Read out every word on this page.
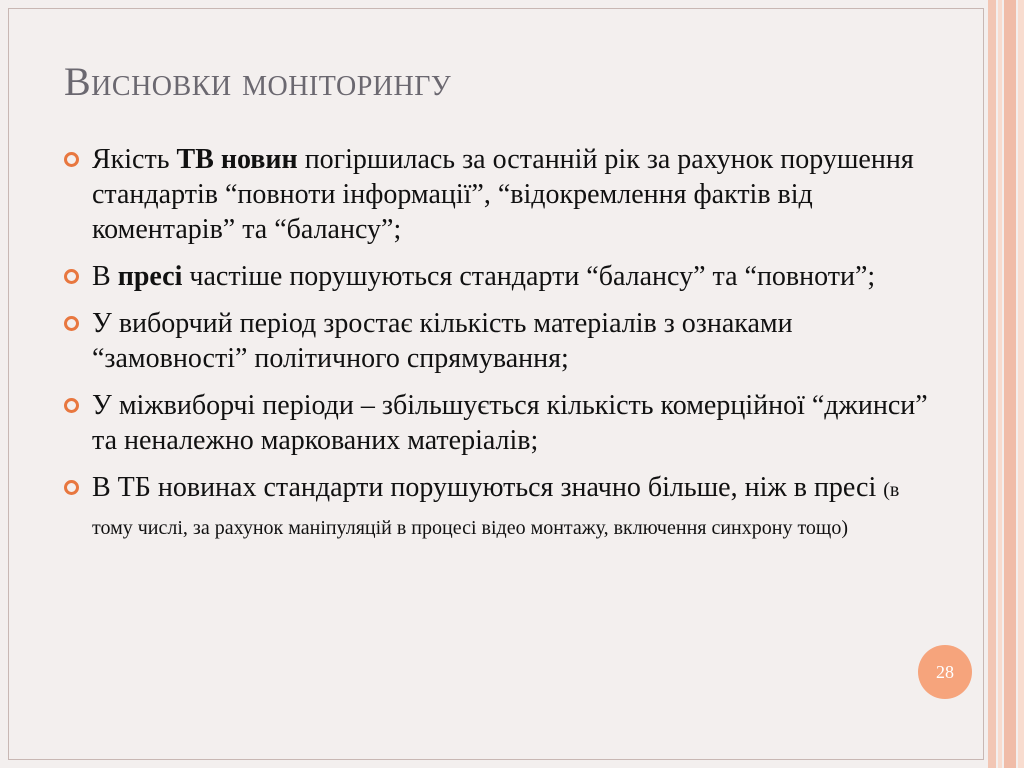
Висновки моніторингу
Якість ТВ новин погіршилась за останній рік за рахунок порушення стандартів “повноти інформації”, “відокремлення фактів від коментарів” та “балансу”;
В пресі частіше порушуються стандарти “балансу” та “повноти”;
У виборчий період зростає кількість матеріалів з ознаками “замовності” політичного спрямування;
У міжвиборчі періоди – збільшується кількість комерційної “джинси” та неналежно маркованих матеріалів;
В ТБ новинах стандарти порушуються значно більше, ніж в пресі (в тому числі, за рахунок маніпуляцій в процесі відео монтажу, включення синхрону тощо)
28
